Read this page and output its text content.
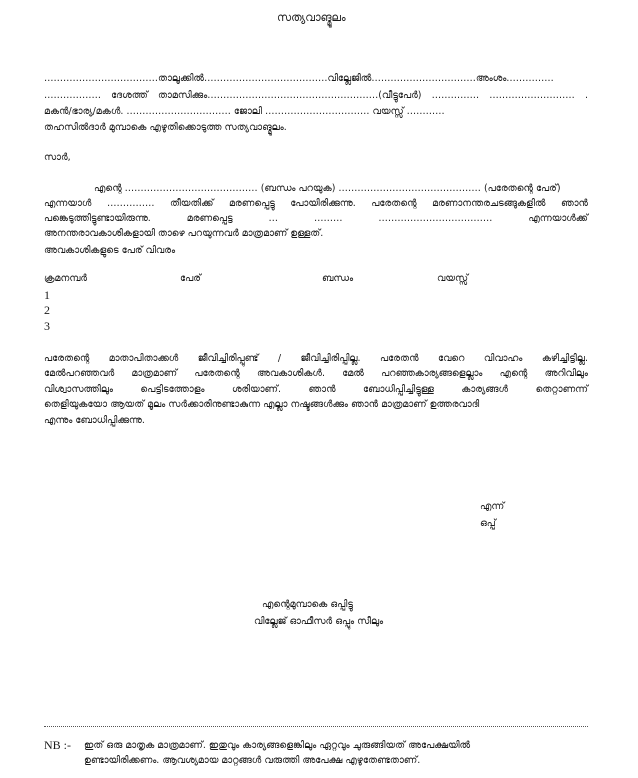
സത്യവാങ്മൂലം
………………………………താലൂക്കിൽ…………………………………വില്ലേജിൽ……………………………അംശം……………
……………… ദേശത്ത് താമസിക്കും………………………………………………(വീട്ടുപേർ) …………… ……………………… .
മകൻ/ഭാര്യ/മകൾ. …………………………… ജോലി …………………………… വയസ്സ് …………
തഹസിൽദാർ മുമ്പാകെ എഴുതിക്കൊടുത്ത സത്യവാങ്മൂലം.
സാർ,
എന്റെ …………………………………… (ബന്ധം പറയുക) ……………………………………… (പരേതന്റെ പേര്)
എന്നയാൾ …………… തീയതിക്ക് മരണപ്പെട്ടു പോയിരിക്കുന്നു. പരേതന്റെ മരണാനന്തരചടങ്ങുകളിൽ ഞാൻ
പങ്കെടുത്തിട്ടുണ്ടായിരുന്നു. മരണപ്പെട്ട … ……… ……………………………… എന്നയാൾക്ക്
അനന്തരാവകാശികളായി താഴെ പറയുന്നവർ മാത്രമാണ് ഉള്ളത്.
അവകാശികളുടെ പേര് വിവരം
ക്രമനമ്പർ	പേര്	ബന്ധം	വയസ്സ്
1
2
3
പരേതന്റെ മാതാപിതാക്കൾ ജീവിച്ചിരിപ്പുണ്ട് / ജീവിച്ചിരിപ്പില്ല. പരേതൻ വേറെ വിവാഹം കഴിച്ചിട്ടില്ല.
മേൽപറഞ്ഞവർ മാത്രമാണ് പരേതന്റെ അവകാശികൾ. മേൽ പറഞ്ഞകാര്യങ്ങളെല്ലാം എന്റെ അറിവിലും
വിശ്വാസത്തിലും പെട്ടിടത്തോളം ശരിയാണ്. ഞാൻ ബോധിപ്പിച്ചിട്ടുള്ള കാര്യങ്ങൾ തെറ്റാണന്ന്
തെളിയുകയോ ആയത് മൂലം സർക്കാരിനുണ്ടാകുന്ന എല്ലാ നഷ്ടങ്ങൾക്കും ഞാൻ മാത്രമാണ് ഉത്തരവാദി
എന്നും ബോധിപ്പിക്കുന്നു.
എന്ന്
ഒപ്പ്
എന്റെമുമ്പാകെ ഒപ്പിട്ടു
വില്ലേജ് ഓഫീസർ ഒപ്പും സീലും
NB :- ഇത് ഒരു മാതൃക മാത്രമാണ്. ഇതുവും കാര്യങ്ങളെങ്കിലും ഏറ്റവും ചുരുങ്ങിയത് അപേക്ഷയിൽ
ഉണ്ടായിരിക്കണം. ആവശ്യമായ മാറ്റങ്ങൾ വരുത്തി അപേക്ഷ എഴുതേണ്ടതാണ്.
